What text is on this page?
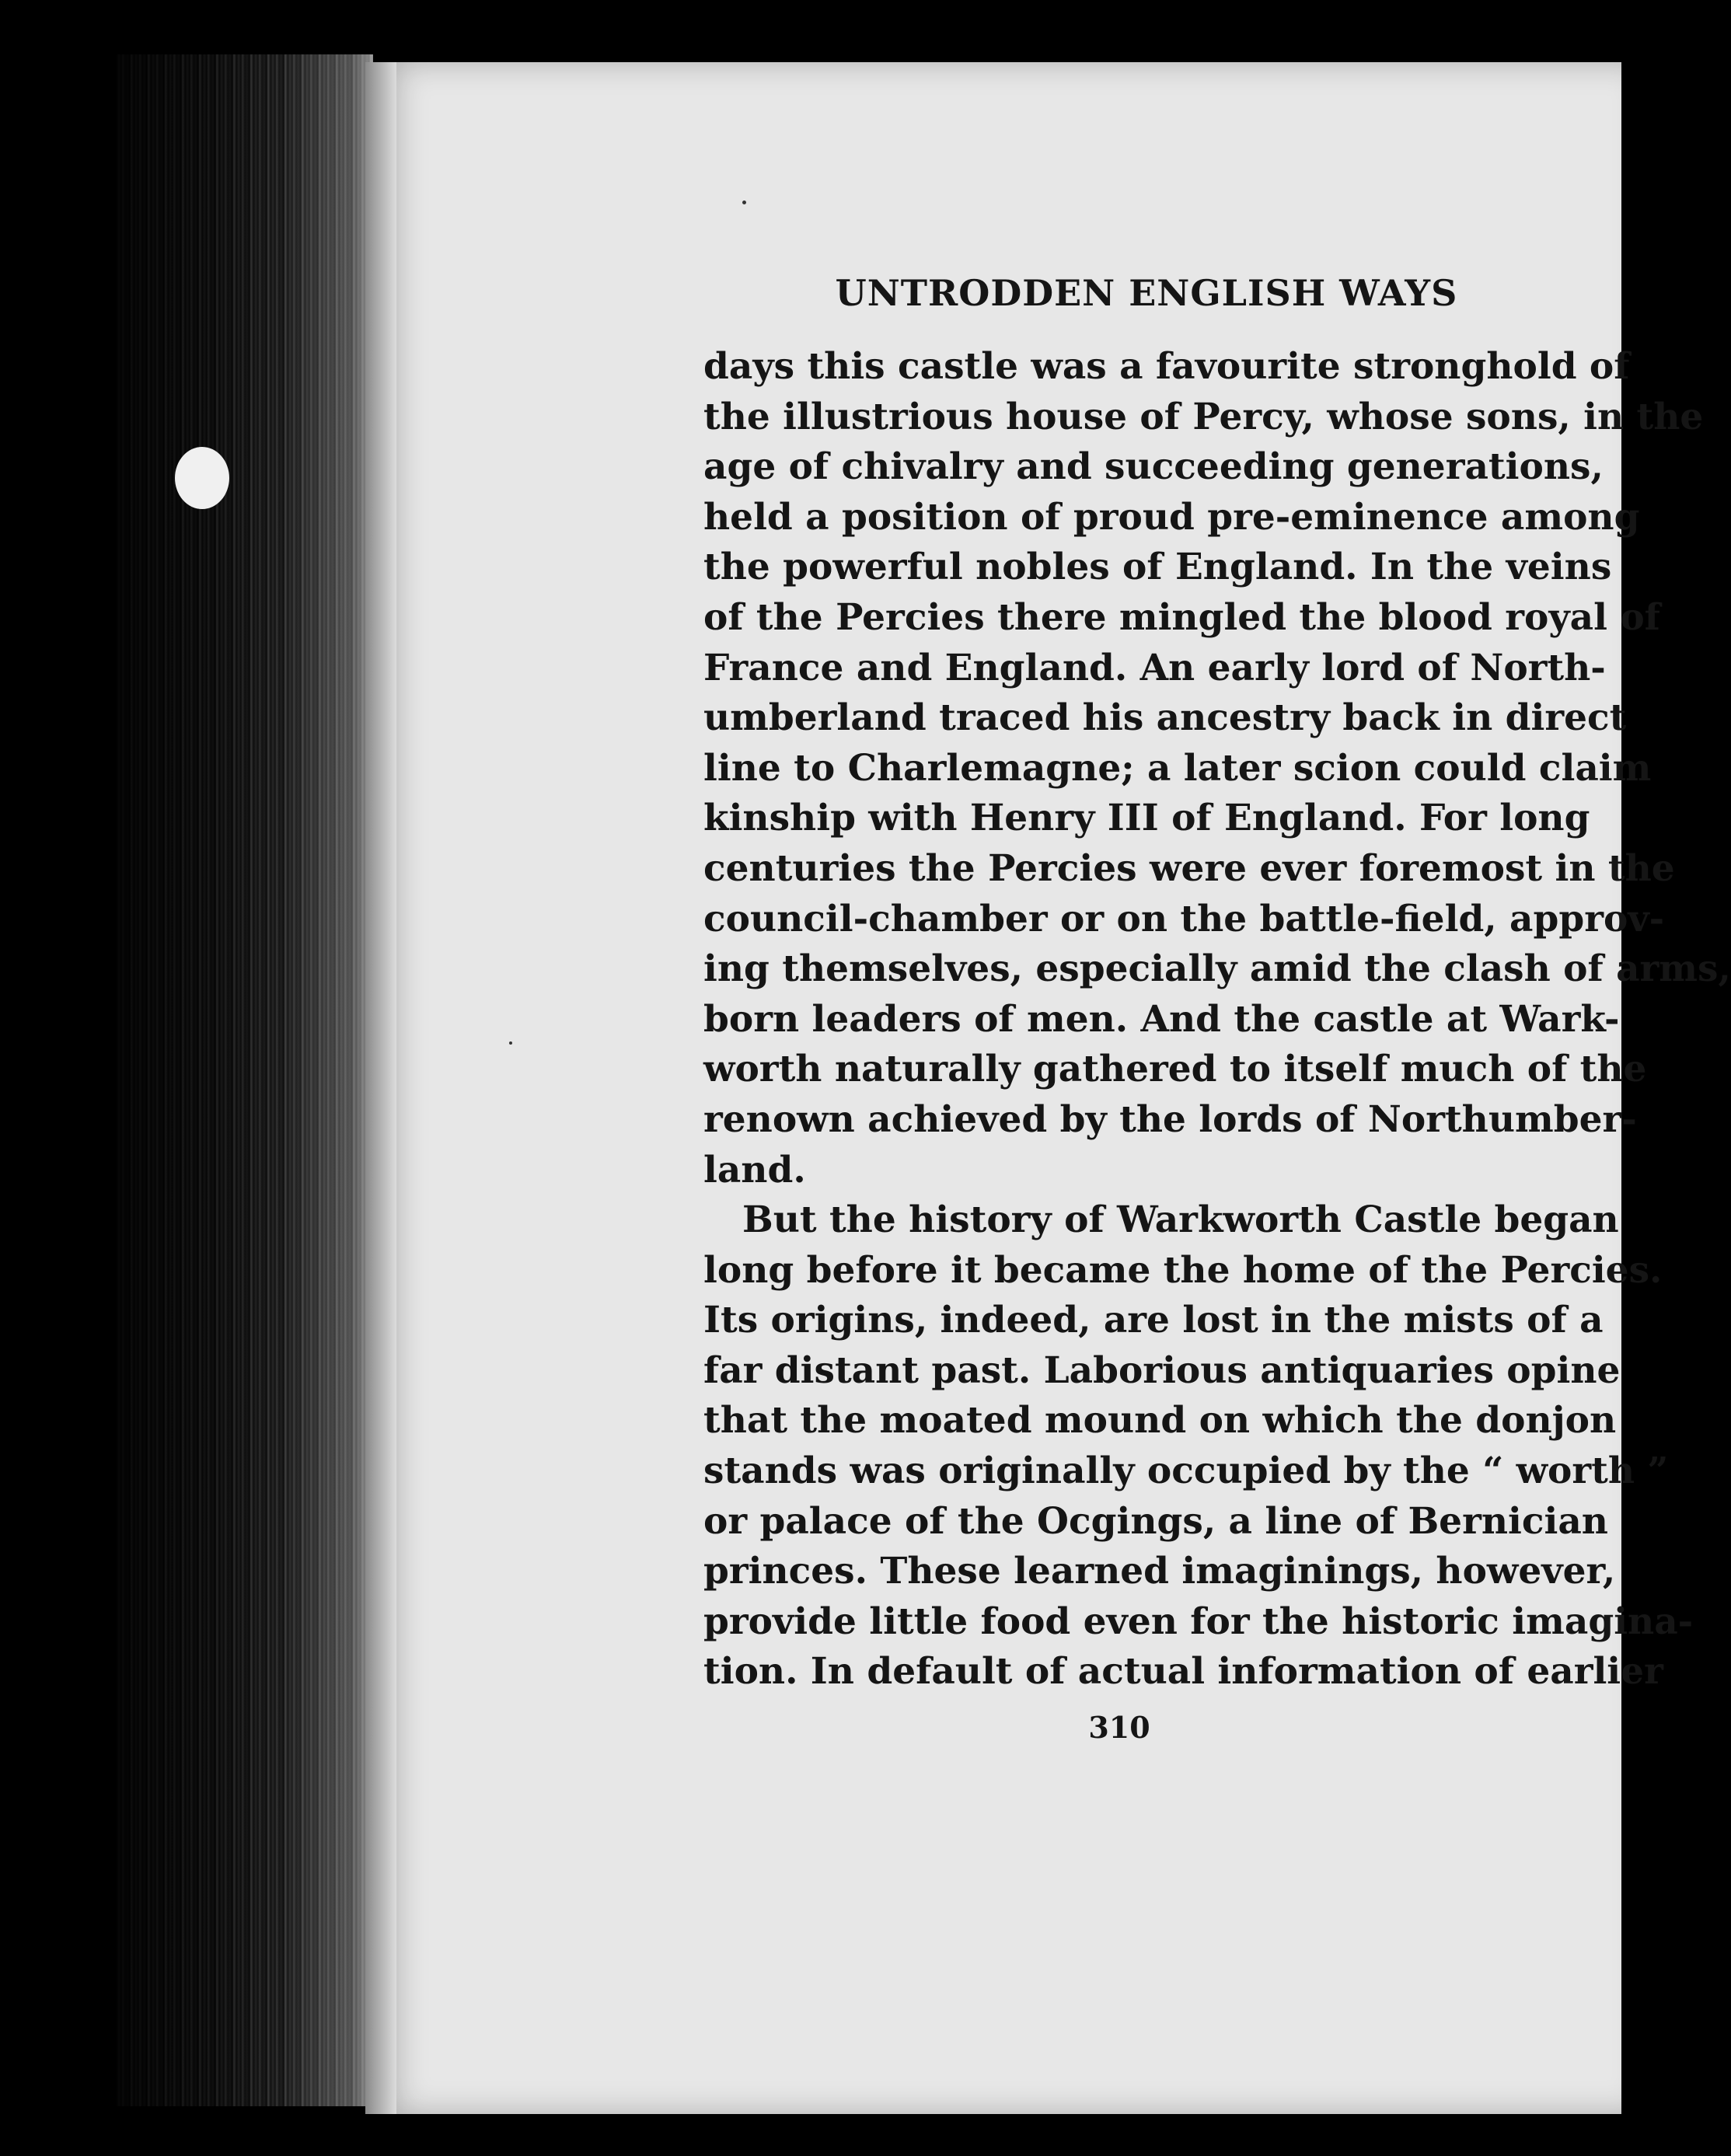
UNTRODDEN ENGLISH WAYS
days this castle was a favourite stronghold of
the illustrious house of Percy, whose sons, in the
age of chivalry and succeeding generations,
held a position of proud pre-eminence among
the powerful nobles of England. In the veins
of the Percies there mingled the blood royal of
France and England. An early lord of North-
umberland traced his ancestry back in direct
line to Charlemagne; a later scion could claim
kinship with Henry III of England. For long
centuries the Percies were ever foremost in the
council-chamber or on the battle-field, approv-
ing themselves, especially amid the clash of arms,
born leaders of men. And the castle at Wark-
worth naturally gathered to itself much of the
renown achieved by the lords of Northumber-
land.
But the history of Warkworth Castle began
long before it became the home of the Percies.
Its origins, indeed, are lost in the mists of a
far distant past. Laborious antiquaries opine
that the moated mound on which the donjon
stands was originally occupied by the “ worth ”
or palace of the Ocgings, a line of Bernician
princes. These learned imaginings, however,
provide little food even for the historic imagina-
tion. In default of actual information of earlier
310
